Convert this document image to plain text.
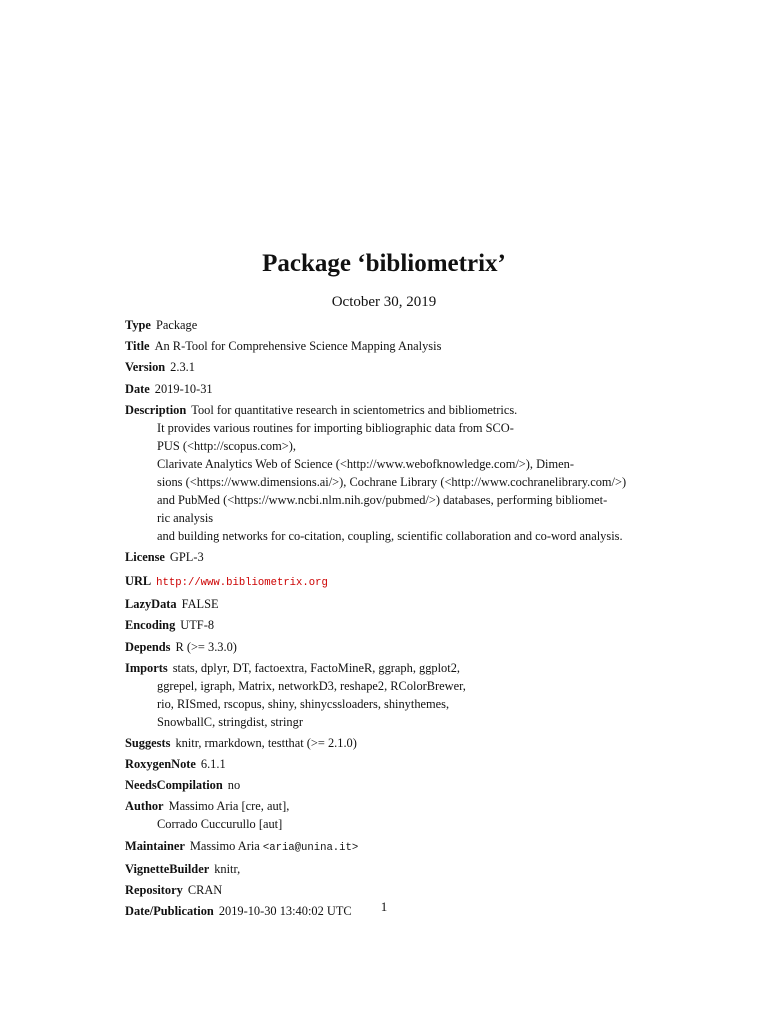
Package ‘bibliometrix’
October 30, 2019
Type Package
Title An R-Tool for Comprehensive Science Mapping Analysis
Version 2.3.1
Date 2019-10-31
Description Tool for quantitative research in scientometrics and bibliometrics.
It provides various routines for importing bibliographic data from SCO-
PUS (<http://scopus.com>),
Clarivate Analytics Web of Science (<http://www.webofknowledge.com/>), Dimen-
sions (<https://www.dimensions.ai/>), Cochrane Library (<http://www.cochranelibrary.com/>)
and PubMed (<https://www.ncbi.nlm.nih.gov/pubmed/>) databases, performing bibliomet-
ric analysis
and building networks for co-citation, coupling, scientific collaboration and co-word analysis.
License GPL-3
URL http://www.bibliometrix.org
LazyData FALSE
Encoding UTF-8
Depends R (>= 3.3.0)
Imports stats, dplyr, DT, factoextra, FactoMineR, ggraph, ggplot2,
ggrepel, igraph, Matrix, networkD3, reshape2, RColorBrewer,
rio, RISmed, rscopus, shiny, shinycssloaders, shinythemes,
SnowballC, stringdist, stringr
Suggests knitr, rmarkdown, testthat (>= 2.1.0)
RoxygenNote 6.1.1
NeedsCompilation no
Author Massimo Aria [cre, aut],
Corrado Cuccurullo [aut]
Maintainer Massimo Aria <aria@unina.it>
VignetteBuilder knitr,
Repository CRAN
Date/Publication 2019-10-30 13:40:02 UTC	1
